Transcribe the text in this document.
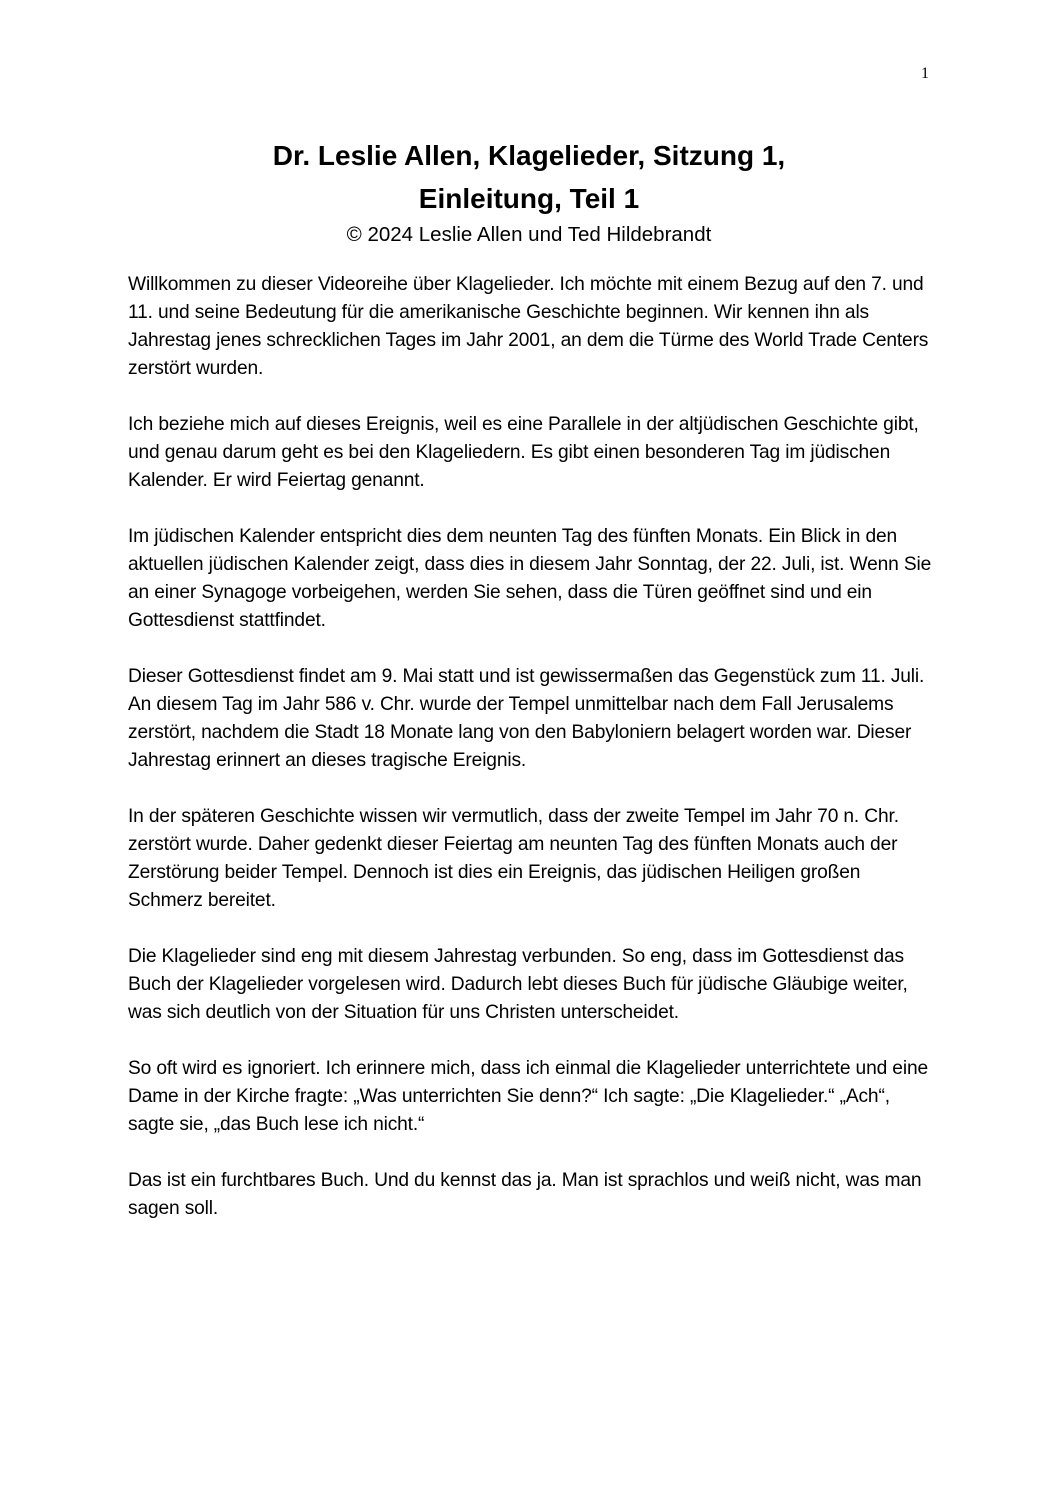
1
Dr. Leslie Allen, Klagelieder, Sitzung 1,
Einleitung, Teil 1
© 2024 Leslie Allen und Ted Hildebrandt

Willkommen zu dieser Videoreihe über Klagelieder. Ich möchte mit einem Bezug auf den 7. und 11. und seine Bedeutung für die amerikanische Geschichte beginnen. Wir kennen ihn als Jahrestag jenes schrecklichen Tages im Jahr 2001, an dem die Türme des World Trade Centers zerstört wurden.

Ich beziehe mich auf dieses Ereignis, weil es eine Parallele in der altjüdischen Geschichte gibt, und genau darum geht es bei den Klageliedern. Es gibt einen besonderen Tag im jüdischen Kalender. Er wird Feiertag genannt.

Im jüdischen Kalender entspricht dies dem neunten Tag des fünften Monats. Ein Blick in den aktuellen jüdischen Kalender zeigt, dass dies in diesem Jahr Sonntag, der 22. Juli, ist. Wenn Sie an einer Synagoge vorbeigehen, werden Sie sehen, dass die Türen geöffnet sind und ein Gottesdienst stattfindet.

Dieser Gottesdienst findet am 9. Mai statt und ist gewissermaßen das Gegenstück zum 11. Juli. An diesem Tag im Jahr 586 v. Chr. wurde der Tempel unmittelbar nach dem Fall Jerusalems zerstört, nachdem die Stadt 18 Monate lang von den Babyloniern belagert worden war. Dieser Jahrestag erinnert an dieses tragische Ereignis.

In der späteren Geschichte wissen wir vermutlich, dass der zweite Tempel im Jahr 70 n. Chr. zerstört wurde. Daher gedenkt dieser Feiertag am neunten Tag des fünften Monats auch der Zerstörung beider Tempel. Dennoch ist dies ein Ereignis, das jüdischen Heiligen großen Schmerz bereitet.

Die Klagelieder sind eng mit diesem Jahrestag verbunden. So eng, dass im Gottesdienst das Buch der Klagelieder vorgelesen wird. Dadurch lebt dieses Buch für jüdische Gläubige weiter, was sich deutlich von der Situation für uns Christen unterscheidet.

So oft wird es ignoriert. Ich erinnere mich, dass ich einmal die Klagelieder unterrichtete und eine Dame in der Kirche fragte: „Was unterrichten Sie denn?“ Ich sagte: „Die Klagelieder.“ „Ach“, sagte sie, „das Buch lese ich nicht.“

Das ist ein furchtbares Buch. Und du kennst das ja. Man ist sprachlos und weiß nicht, was man sagen soll.
